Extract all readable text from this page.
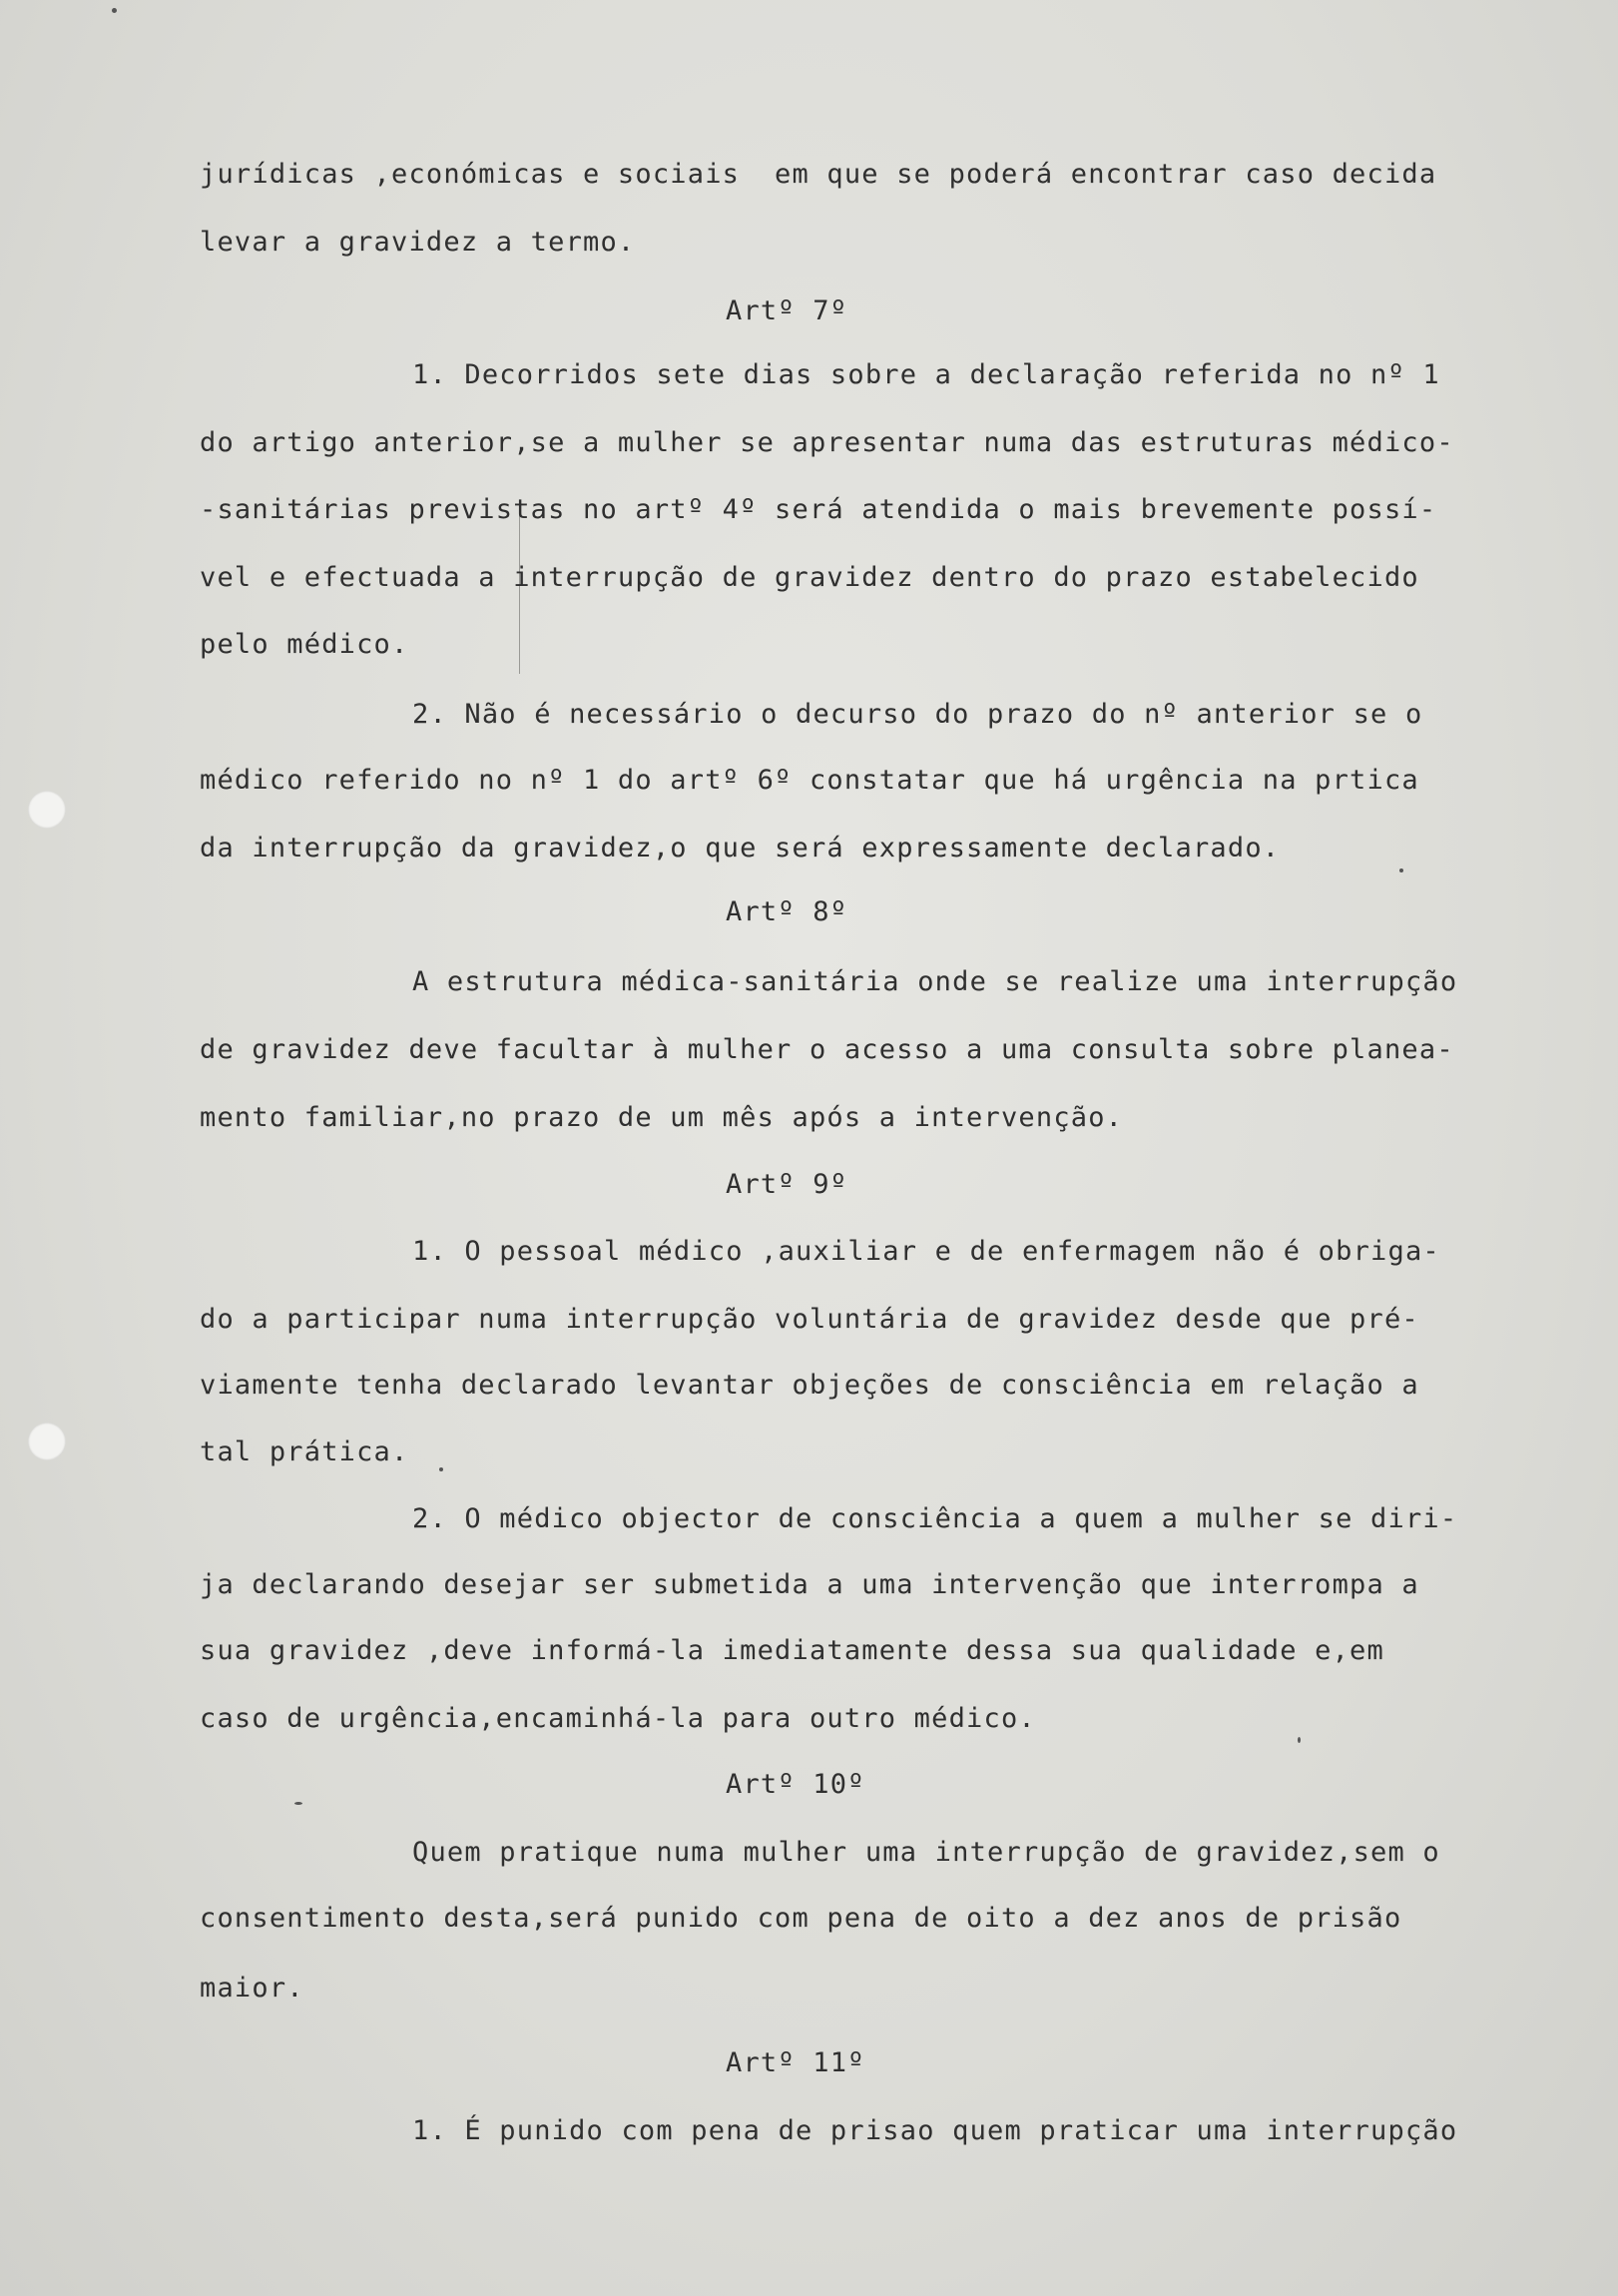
jurídicas ,económicas e sociais  em que se poderá encontrar caso decida
levar a gravidez a termo.
Artº 7º
1. Decorridos sete dias sobre a declaração referida no nº 1
do artigo anterior,se a mulher se apresentar numa das estruturas médico-
-sanitárias previstas no artº 4º será atendida o mais brevemente possí-
vel e efectuada a interrupção de gravidez dentro do prazo estabelecido
pelo médico.
2. Não é necessário o decurso do prazo do nº anterior se o
médico referido no nº 1 do artº 6º constatar que há urgência na prtica
da interrupção da gravidez,o que será expressamente declarado.
Artº 8º
A estrutura médica-sanitária onde se realize uma interrupção
de gravidez deve facultar à mulher o acesso a uma consulta sobre planea-
mento familiar,no prazo de um mês após a intervenção.
Artº 9º
1. O pessoal médico ,auxiliar e de enfermagem não é obriga-
do a participar numa interrupção voluntária de gravidez desde que pré-
viamente tenha declarado levantar objeções de consciência em relação a
tal prática.
2. O médico objector de consciência a quem a mulher se diri-
ja declarando desejar ser submetida a uma intervenção que interrompa a
sua gravidez ,deve informá-la imediatamente dessa sua qualidade e,em
caso de urgência,encaminhá-la para outro médico.
Artº 10º
Quem pratique numa mulher uma interrupção de gravidez,sem o
consentimento desta,será punido com pena de oito a dez anos de prisão
maior.
Artº 11º
1. É punido com pena de prisao quem praticar uma interrupção
